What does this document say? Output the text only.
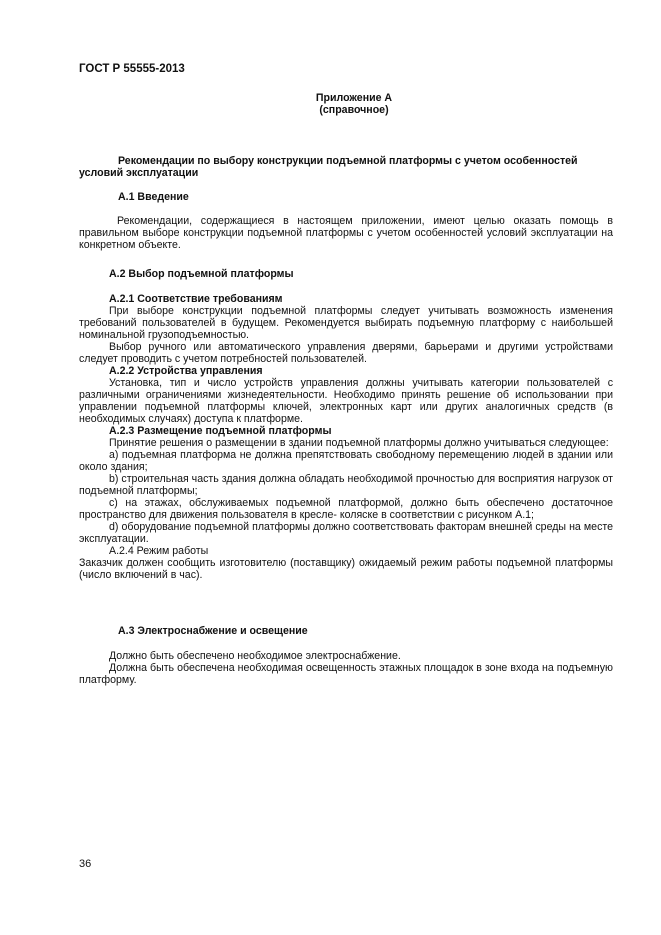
ГОСТ Р 55555-2013
Приложение А
(справочное)
Рекомендации по выбору конструкции подъемной платформы с учетом особенностей
условий эксплуатации
А.1 Введение

Рекомендации, содержащиеся в настоящем приложении, имеют целью оказать помощь в правильном выборе конструкции подъемной платформы с учетом особенностей условий эксплуатации на конкретном объекте.

А.2 Выбор подъемной платформы

А.2.1 Соответствие требованиям

При выборе конструкции подъемной платформы следует учитывать возможность изменения требований пользователей в будущем. Рекомендуется выбирать подъемную платформу с наибольшей номинальной грузоподъемностью.

Выбор ручного или автоматического управления дверями, барьерами и другими устройствами следует проводить с учетом потребностей пользователей.

А.2.2 Устройства управления

Установка, тип и число устройств управления должны учитывать категории пользователей с различными ограничениями жизнедеятельности. Необходимо принять решение об использовании при управлении подъемной платформы ключей, электронных карт или других аналогичных средств (в необходимых случаях) доступа к платформе.

А.2.3 Размещение подъемной платформы

Принятие решения о размещении в здании подъемной платформы должно учитываться следующее:

а) подъемная платформа не должна препятствовать свободному перемещению людей в здании или около здания;

b) строительная часть здания должна обладать необходимой прочностью для восприятия нагрузок от подъемной платформы;

c) на этажах, обслуживаемых подъемной платформой, должно быть обеспечено достаточное пространство для движения пользователя в кресле- коляске в соответствии с рисунком А.1;

d) оборудование подъемной платформы должно соответствовать факторам внешней среды на месте эксплуатации.

А.2.4 Режим работы

Заказчик должен сообщить изготовителю (поставщику) ожидаемый режим работы подъемной платформы (число включений в час).

А.3 Электроснабжение и освещение

Должно быть обеспечено необходимое электроснабжение.

Должна быть обеспечена необходимая освещенность этажных площадок в зоне входа на подъемную платформу.

36
